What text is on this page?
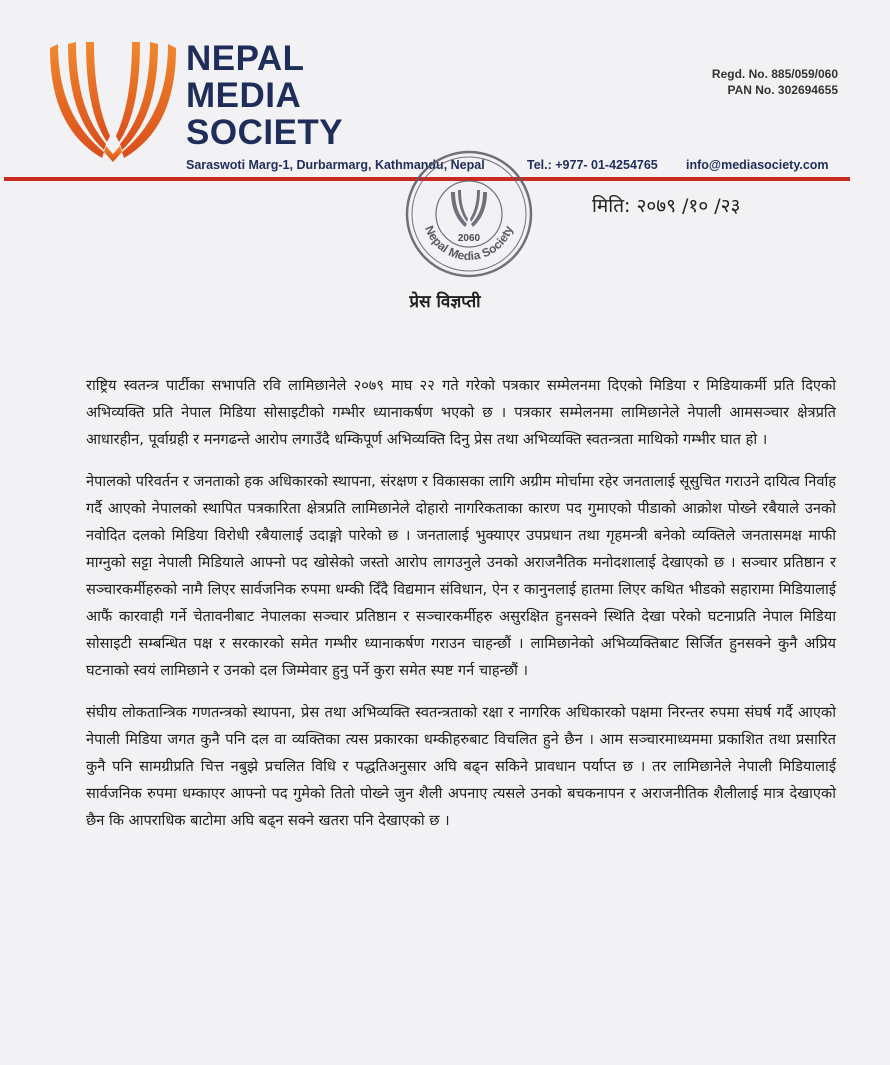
NEPAL
MEDIA
SOCIETY
Regd. No. 885/059/060
PAN No. 302694655
Saraswoti Marg-1, Durbarmarg, Kathmandu, Nepal	Tel.: +977- 01-4254765 info@mediasociety.com
2060
Nepal Media Society
मिति: २०७९ /१० /२३
प्रेस विज्ञप्ती

राष्ट्रिय स्वतन्त्र पार्टीका सभापति रवि लामिछानेले २०७९ माघ २२ गते गरेको पत्रकार सम्मेलनमा दिएको मिडिया र मिडियाकर्मी प्रति दिएको अभिव्यक्ति प्रति नेपाल मिडिया सोसाइटीको गम्भीर ध्यानाकर्षण भएको छ । पत्रकार सम्मेलनमा लामिछानेले नेपाली आमसञ्चार क्षेत्रप्रति आधारहीन, पूर्वाग्रही र मनगढन्ते आरोप लगाउँदै धम्किपूर्ण अभिव्यक्ति दिनु प्रेस तथा अभिव्यक्ति स्वतन्त्रता माथिको गम्भीर घात हो ।

नेपालको परिवर्तन र जनताको हक अधिकारको स्थापना, संरक्षण र विकासका लागि अग्रीम मोर्चामा रहेर जनतालाई सूसुचित गराउने दायित्व निर्वाह गर्दै आएको नेपालको स्थापित पत्रकारिता क्षेत्रप्रति लामिछानेले दोहारो नागरिकताका कारण पद गुमाएको पीडाको आक्रोश पोख्ने रबैयाले उनको नवोदित दलको मिडिया विरोधी रबैयालाई उदाङ्गो पारेको छ । जनतालाई भुक्याएर उपप्रधान तथा गृहमन्त्री बनेको व्यक्तिले जनतासमक्ष माफी माग्नुको सट्टा नेपाली मिडियाले आफ्नो पद खोसेको जस्तो आरोप लागउनुले उनको अराजनैतिक मनोदशालाई देखाएको छ । सञ्चार प्रतिष्ठान र सञ्चारकर्मीहरुको नामै लिएर सार्वजनिक रुपमा धम्की दिँदै विद्यमान संविधान, ऐन र कानुनलाई हातमा लिएर कथित भीडको सहारामा मिडियालाई आफैं कारवाही गर्ने चेतावनीबाट नेपालका सञ्चार प्रतिष्ठान र सञ्चारकर्मीहरु असुरक्षित हुनसक्ने स्थिति देखा परेको घटनाप्रति नेपाल मिडिया सोसाइटी सम्बन्धित पक्ष र सरकारको समेत गम्भीर ध्यानाकर्षण गराउन चाहन्छौं । लामिछानेको अभिव्यक्तिबाट सिर्जित हुनसक्ने कुनै अप्रिय घटनाको स्वयं लामिछाने र उनको दल जिम्मेवार हुनु पर्ने कुरा समेत स्पष्ट गर्न चाहन्छौं ।

संघीय लोकतान्त्रिक गणतन्त्रको स्थापना, प्रेस तथा अभिव्यक्ति स्वतन्त्रताको रक्षा र नागरिक अधिकारको पक्षमा निरन्तर रुपमा संघर्ष गर्दै आएको नेपाली मिडिया जगत कुनै पनि दल वा व्यक्तिका त्यस प्रकारका धम्कीहरुबाट विचलित हुने छैन । आम सञ्चारमाध्यममा प्रकाशित तथा प्रसारित कुनै पनि सामग्रीप्रति चित्त नबुझे प्रचलित विधि र पद्धतिअनुसार अघि बढ्न सकिने प्रावधान पर्याप्त छ । तर लामिछानेले नेपाली मिडियालाई सार्वजनिक रुपमा धम्काएर आफ्नो पद गुमेको तितो पोख्ने जुन शैली अपनाए त्यसले उनको बचकनापन र अराजनीतिक शैलीलाई मात्र देखाएको छैन कि आपराधिक बाटोमा अघि बढ्न सक्ने खतरा पनि देखाएको छ ।
